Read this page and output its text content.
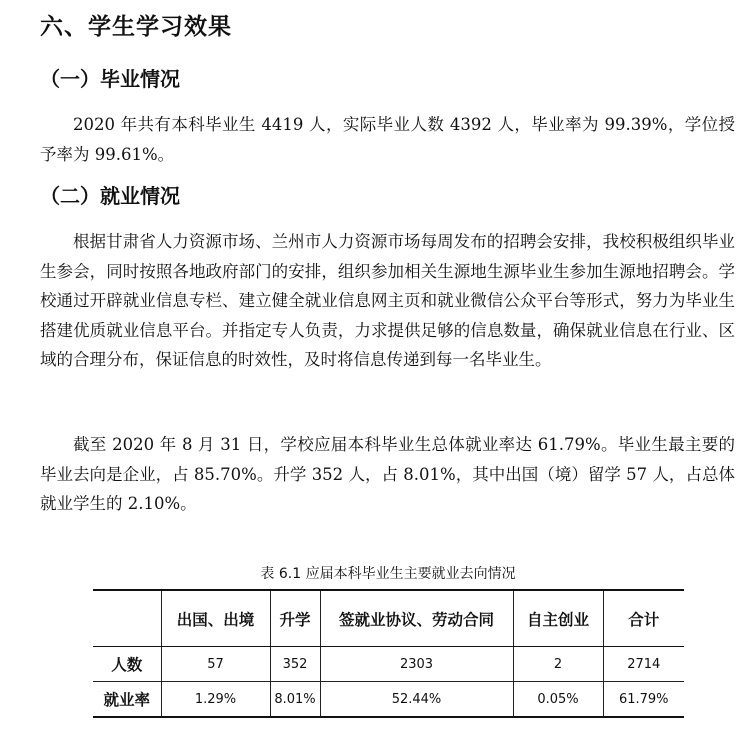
六、学生学习效果
（一）毕业情况

2020 年共有本科毕业生 4419 人，实际毕业人数 4392 人，毕业率为 99.39%，学位授予率为 99.61%。

（二）就业情况

根据甘肃省人力资源市场、兰州市人力资源市场每周发布的招聘会安排，我校积极组织毕业生参会，同时按照各地政府部门的安排，组织参加相关生源地生源毕业生参加生源地招聘会。学校通过开辟就业信息专栏、建立健全就业信息网主页和就业微信公众平台等形式，努力为毕业生搭建优质就业信息平台。并指定专人负责，力求提供足够的信息数量，确保就业信息在行业、区域的合理分布，保证信息的时效性，及时将信息传递到每一名毕业生。

截至 2020 年 8 月 31 日，学校应届本科毕业生总体就业率达 61.79%。毕业生最主要的毕业去向是企业，占 85.70%。升学 352 人，占 8.01%，其中出国（境）留学 57 人，占总体就业学生的 2.10%。

表 6.1 应届本科毕业生主要就业去向情况
	出国、出境	升学	签就业协议、劳动合同	自主创业	合计
人数	57	352	2303	2	2714
就业率	1.29%	8.01%	52.44%	0.05%	61.79%
